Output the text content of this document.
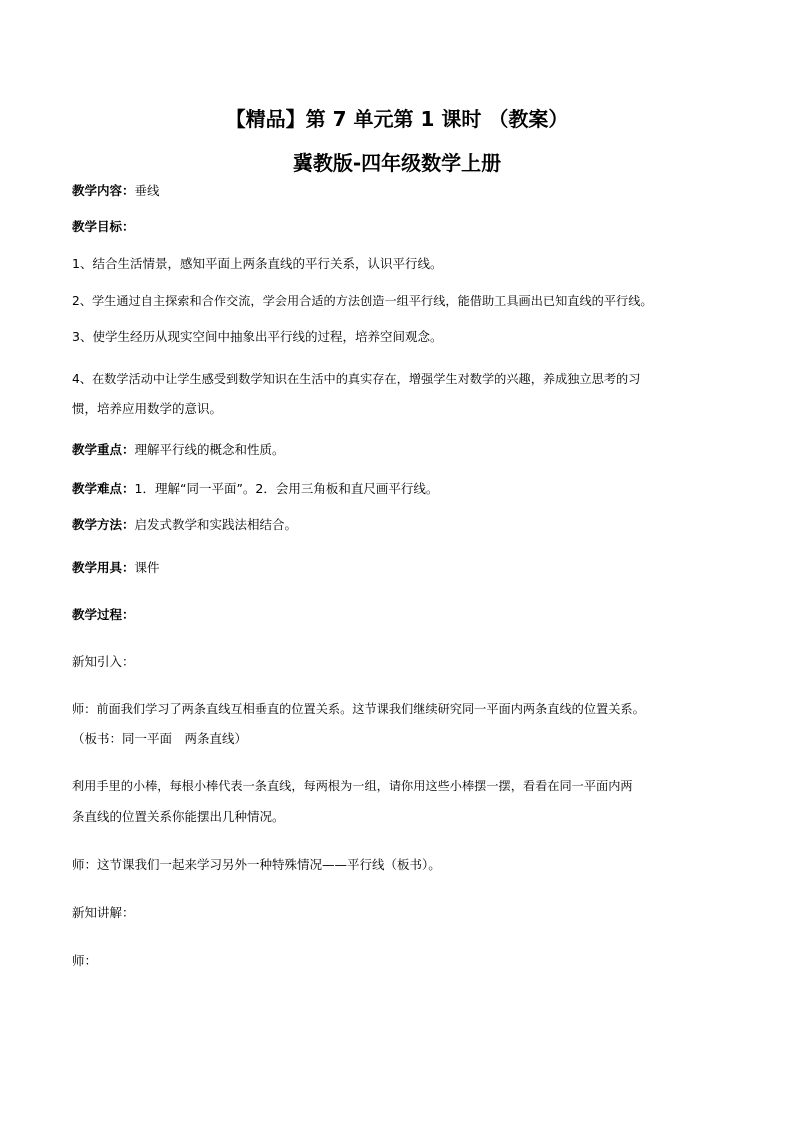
【精品】第 7 单元第 1 课时 （教案）
冀教版-四年级数学上册
教学内容：垂线
教学目标：
1、结合生活情景，感知平面上两条直线的平行关系，认识平行线。
2、学生通过自主探索和合作交流，学会用合适的方法创造一组平行线，能借助工具画出已知直线的平行线。
3、使学生经历从现实空间中抽象出平行线的过程，培养空间观念。
4、在数学活动中让学生感受到数学知识在生活中的真实存在，增强学生对数学的兴趣，养成独立思考的习
惯，培养应用数学的意识。
教学重点：理解平行线的概念和性质。
教学难点：1．理解“同一平面”。2．会用三角板和直尺画平行线。
教学方法：启发式教学和实践法相结合。
教学用具：课件
教学过程：
新知引入：
师：前面我们学习了两条直线互相垂直的位置关系。这节课我们继续研究同一平面内两条直线的位置关系。
（板书：同一平面　两条直线）
利用手里的小棒，每根小棒代表一条直线，每两根为一组，请你用这些小棒摆一摆，看看在同一平面内两
条直线的位置关系你能摆出几种情况。
师：这节课我们一起来学习另外一种特殊情况——平行线（板书）。
新知讲解：
师：
